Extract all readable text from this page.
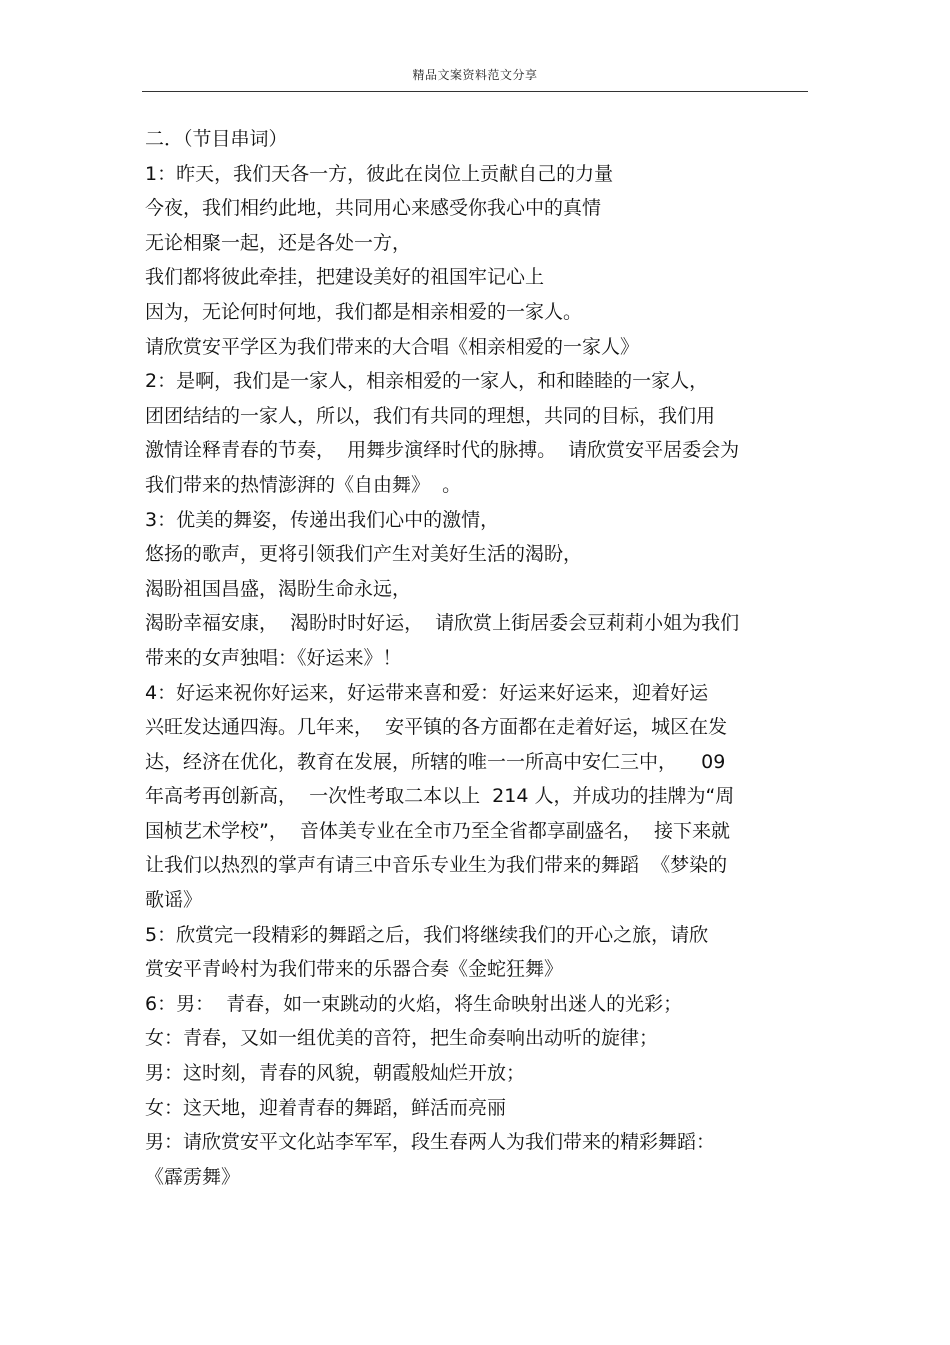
精品文案资料范文分享
二．（节目串词）
1：昨天，我们天各一方，彼此在岗位上贡献自己的力量
今夜，我们相约此地，共同用心来感受你我心中的真情
无论相聚一起，还是各处一方，
我们都将彼此牵挂，把建设美好的祖国牢记心上
因为，无论何时何地，我们都是相亲相爱的一家人。
请欣赏安平学区为我们带来的大合唱《相亲相爱的一家人》
2：是啊，我们是一家人，相亲相爱的一家人，和和睦睦的一家人，
团团结结的一家人，所以，我们有共同的理想，共同的目标，我们用
激情诠释青春的节奏，  用舞步演绎时代的脉搏。  请欣赏安平居委会为
我们带来的热情澎湃的《自由舞》  。
3：优美的舞姿，传递出我们心中的激情，
悠扬的歌声，更将引领我们产生对美好生活的渴盼，
渴盼祖国昌盛，渴盼生命永远，
渴盼幸福安康，  渴盼时时好运，  请欣赏上街居委会豆莉莉小姐为我们
带来的女声独唱：《好运来》！
4：好运来祝你好运来，好运带来喜和爱：好运来好运来，迎着好运
兴旺发达通四海。几年来，  安平镇的各方面都在走着好运，城区在发
达，经济在优化，教育在发展，所辖的唯一一所高中安仁三中，    09
年高考再创新高，  一次性考取二本以上  214 人，并成功的挂牌为“周
国桢艺术学校”，  音体美专业在全市乃至全省都享副盛名，  接下来就
让我们以热烈的掌声有请三中音乐专业生为我们带来的舞蹈  《梦染的
歌谣》
5：欣赏完一段精彩的舞蹈之后，我们将继续我们的开心之旅，请欣
赏安平青岭村为我们带来的乐器合奏《金蛇狂舞》
6：男：  青春，如一束跳动的火焰，将生命映射出迷人的光彩；
女：青春，又如一组优美的音符，把生命奏响出动听的旋律；
男：这时刻，青春的风貌，朝霞般灿烂开放；
女：这天地，迎着青春的舞蹈，鲜活而亮丽
男：请欣赏安平文化站李军军，段生春两人为我们带来的精彩舞蹈：
《霹雳舞》
